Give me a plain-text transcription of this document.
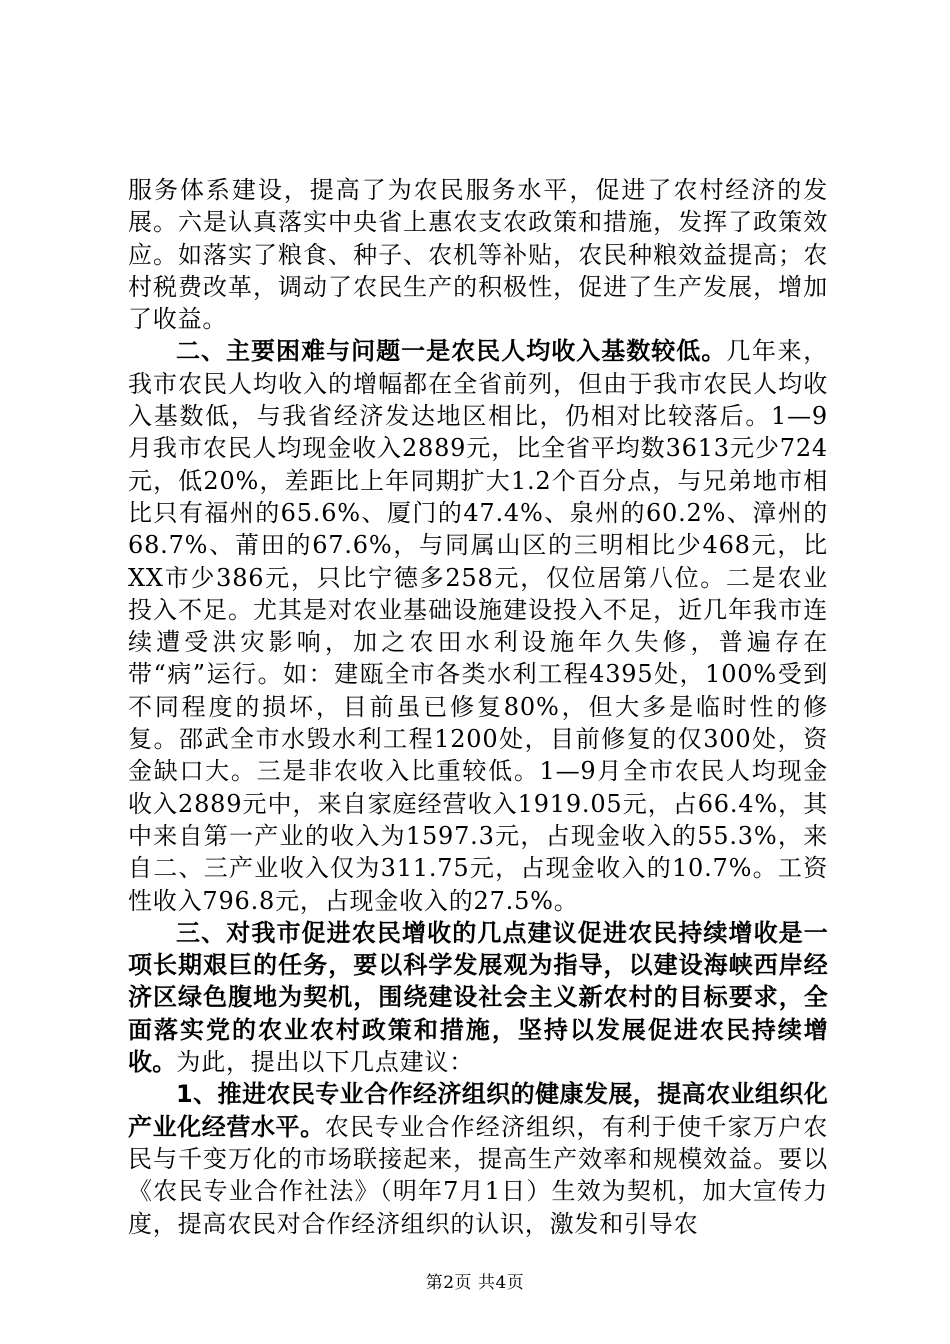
服务体系建设，提高了为农民服务水平，促进了农村经济的发展。六是认真落实中央省上惠农支农政策和措施，发挥了政策效应。如落实了粮食、种子、农机等补贴，农民种粮效益提高；农村税费改革，调动了农民生产的积极性，促进了生产发展，增加了收益。

二、主要困难与问题一是农民人均收入基数较低。几年来，我市农民人均收入的增幅都在全省前列，但由于我市农民人均收入基数低，与我省经济发达地区相比，仍相对比较落后。1—9月我市农民人均现金收入2889元，比全省平均数3613元少724元，低20%，差距比上年同期扩大1.2个百分点，与兄弟地市相比只有福州的65.6%、厦门的47.4%、泉州的60.2%、漳州的68.7%、莆田的67.6%，与同属山区的三明相比少468元，比XX市少386元，只比宁德多258元，仅位居第八位。二是农业投入不足。尤其是对农业基础设施建设投入不足，近几年我市连续遭受洪灾影响，加之农田水利设施年久失修，普遍存在带“病”运行。如：建瓯全市各类水利工程4395处，100%受到不同程度的损坏，目前虽已修复80%，但大多是临时性的修复。邵武全市水毁水利工程1200处，目前修复的仅300处，资金缺口大。三是非农收入比重较低。1—9月全市农民人均现金收入2889元中，来自家庭经营收入1919.05元，占66.4%，其中来自第一产业的收入为1597.3元，占现金收入的55.3%，来自二、三产业收入仅为311.75元，占现金收入的10.7%。工资性收入796.8元，占现金收入的27.5%。

三、对我市促进农民增收的几点建议促进农民持续增收是一项长期艰巨的任务，要以科学发展观为指导，以建设海峡西岸经济区绿色腹地为契机，围绕建设社会主义新农村的目标要求，全面落实党的农业农村政策和措施，坚持以发展促进农民持续增收。为此，提出以下几点建议：

1、推进农民专业合作经济组织的健康发展，提高农业组织化产业化经营水平。农民专业合作经济组织，有利于使千家万户农民与千变万化的市场联接起来，提高生产效率和规模效益。要以《农民专业合作社法》（明年7月1日）生效为契机，加大宣传力度，提高农民对合作经济组织的认识，激发和引导农

第2页 共4页
